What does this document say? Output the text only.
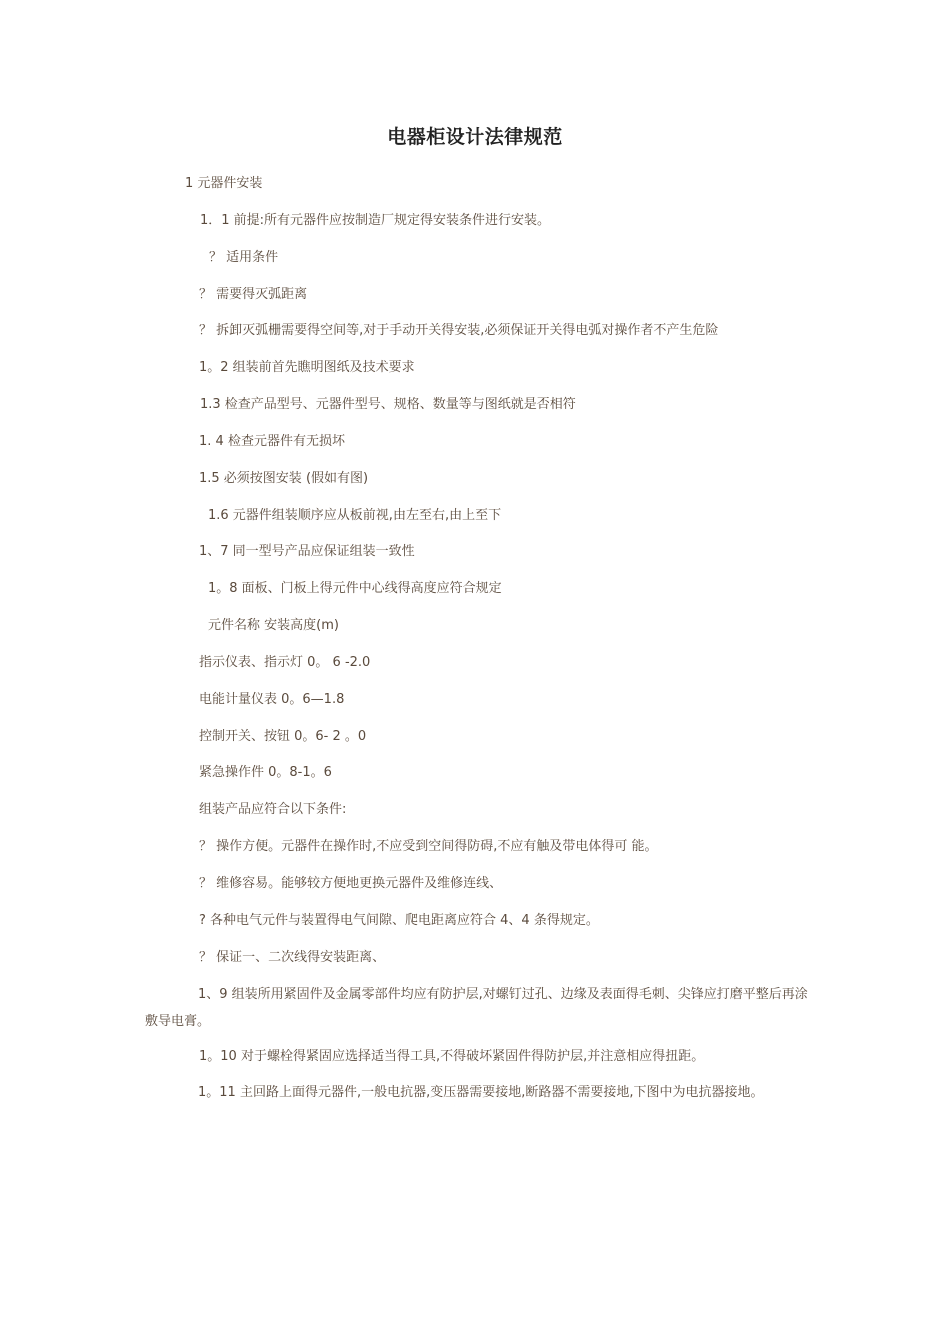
电器柜设计法律规范
1 元器件安装
1．1 前提:所有元器件应按制造厂规定得安装条件进行安装。
？ 适用条件
？ 需要得灭弧距离
？ 拆卸灭弧栅需要得空间等,对于手动开关得安装,必须保证开关得电弧对操作者不产生危险
1。2 组装前首先瞧明图纸及技术要求
1.3 检查产品型号、元器件型号、规格、数量等与图纸就是否相符
1. 4 检查元器件有无损坏
1.5 必须按图安装 (假如有图)
1.6 元器件组装顺序应从板前视,由左至右,由上至下
1、7 同一型号产品应保证组装一致性
1。8 面板、门板上得元件中心线得高度应符合规定
元件名称 安装高度(m)
指示仪表、指示灯 0。 6 -2.0
电能计量仪表 0。6—1.8
控制开关、按钮 0。6- 2 。0
紧急操作件 0。8-1。6
组装产品应符合以下条件:
？ 操作方便。元器件在操作时,不应受到空间得防碍,不应有触及带电体得可 能。
？ 维修容易。能够较方便地更换元器件及维修连线、
? 各种电气元件与装置得电气间隙、爬电距离应符合 4、4 条得规定。
？ 保证一、二次线得安装距离、
1、9 组装所用紧固件及金属零部件均应有防护层,对螺钉过孔、边缘及表面得毛刺、尖锋应打磨平整后再涂敷导电膏。
1。10 对于螺栓得紧固应选择适当得工具,不得破坏紧固件得防护层,并注意相应得扭距。
1。11 主回路上面得元器件,一般电抗器,变压器需要接地,断路器不需要接地,下图中为电抗器接地。
